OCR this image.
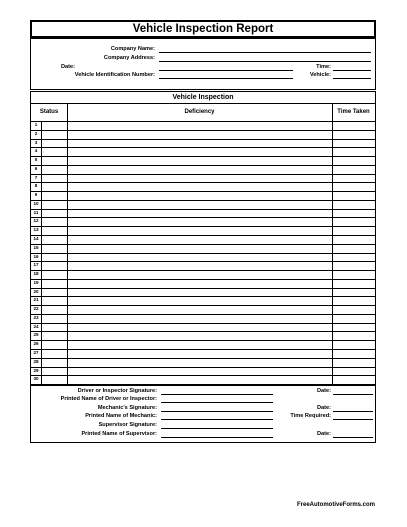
Vehicle Inspection Report
Company Name:
Company Address:
Date:	Time:
Vehicle Identification Number:	Vehicle:
Vehicle Inspection
Status	Deficiency	Time Taken
1
2
3
4
5
6
7
8
9
10
11
12
13
14
15
16
17
18
19
20
21
22
23
24
25
26
27
28
29
30
Driver or Inspector Signature:	Date:
Printed Name of Driver or Inspector:
Mechanic's Signature:	Date:
Printed Name of Mechanic:	Time Required:
Supervisor Signature:
Printed Name of Supervisor:	Date:
FreeAutomotiveForms.com
